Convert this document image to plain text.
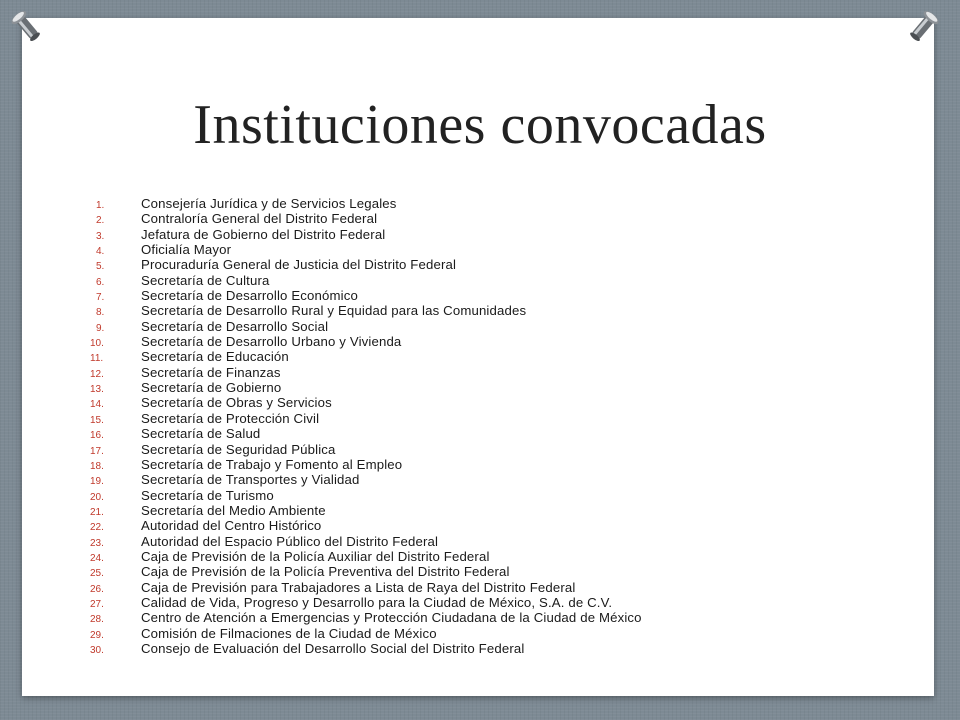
Instituciones convocadas
1.	Consejería Jurídica y de Servicios Legales
2.	Contraloría General del Distrito Federal
3.	Jefatura de Gobierno del Distrito Federal
4.	Oficialía Mayor
5.	Procuraduría General de Justicia del Distrito Federal
6.	Secretaría de Cultura
7.	Secretaría de Desarrollo Económico
8.	Secretaría de Desarrollo Rural y Equidad para las Comunidades
9.	Secretaría de Desarrollo Social
10.	Secretaría de Desarrollo Urbano y Vivienda
11.	Secretaría de Educación
12.	Secretaría de Finanzas
13.	Secretaría de Gobierno
14.	Secretaría de Obras y Servicios
15.	Secretaría de Protección Civil
16.	Secretaría de Salud
17.	Secretaría de Seguridad Pública
18.	Secretaría de Trabajo y Fomento al Empleo
19.	Secretaría de Transportes y Vialidad
20.	Secretaría de Turismo
21.	Secretaría del Medio Ambiente
22.	Autoridad del Centro Histórico
23.	Autoridad del Espacio Público del Distrito Federal
24.	Caja de Previsión de la Policía Auxiliar del Distrito Federal
25.	Caja de Previsión de la Policía Preventiva del Distrito Federal
26.	Caja de Previsión para Trabajadores a Lista de Raya del Distrito Federal
27.	Calidad de Vida, Progreso y Desarrollo para la Ciudad de México, S.A. de C.V.
28.	Centro de Atención a Emergencias y Protección Ciudadana de la Ciudad de México
29.	Comisión de Filmaciones de la Ciudad de México
30.	Consejo de Evaluación del Desarrollo Social del Distrito Federal
